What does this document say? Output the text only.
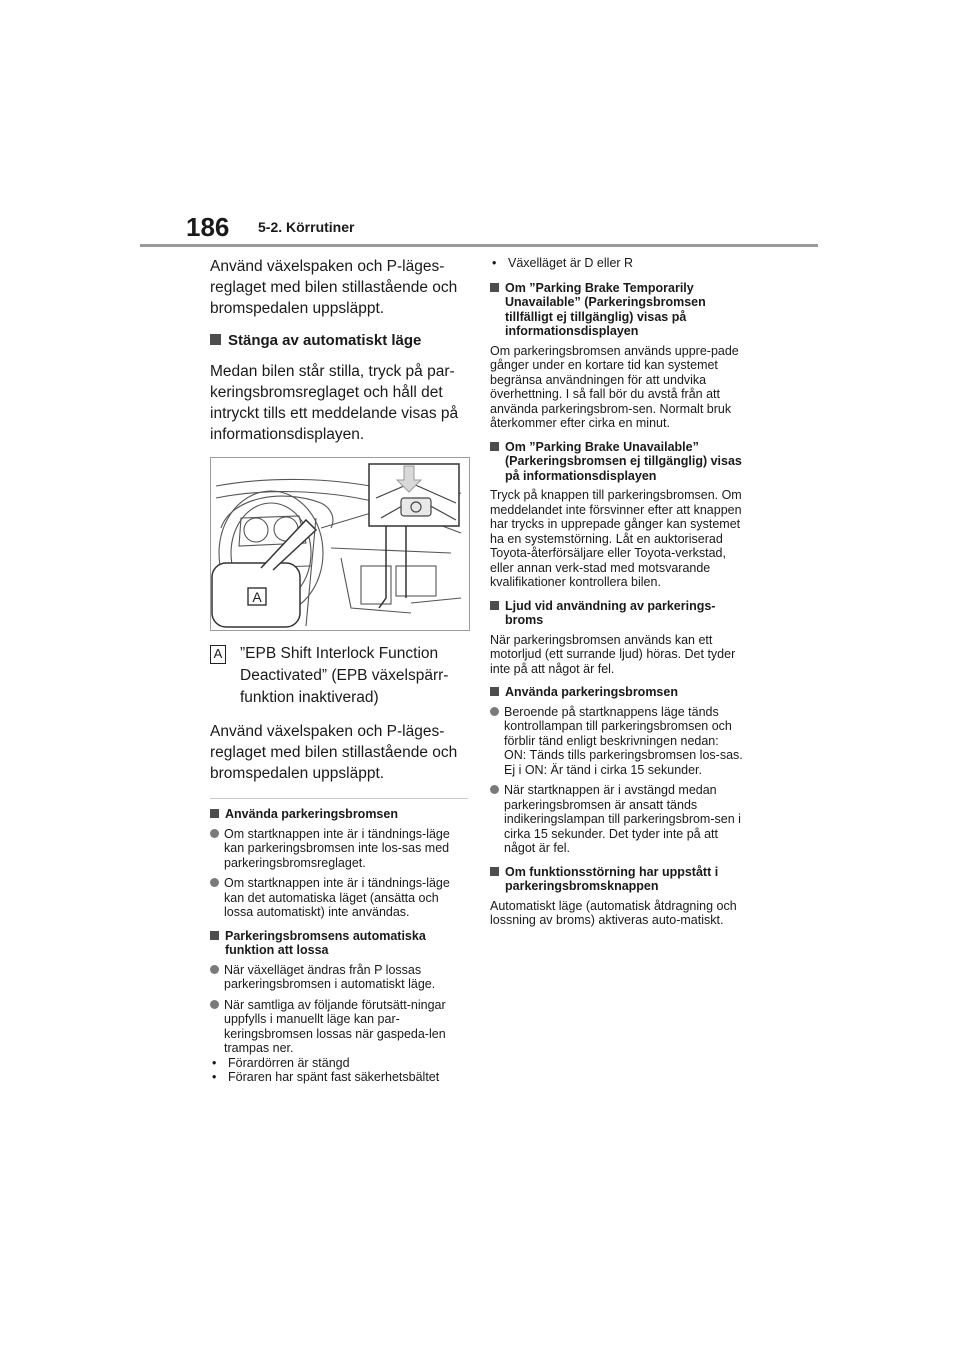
186 5-2. Körrutiner

Använd växelspaken och P-läges-reglaget med bilen stillastående och bromspedalen uppsläppt.

Stänga av automatiskt läge

Medan bilen står stilla, tryck på par-keringsbromsreglaget och håll det intryckt tills ett meddelande visas på informationsdisplayen.

A
A ”EPB Shift Interlock Function Deactivated” (EPB växelspärr-funktion inaktiverad)

Använd växelspaken och P-läges-reglaget med bilen stillastående och bromspedalen uppsläppt.

Använda parkeringsbromsen
Om startknappen inte är i tändnings-läge kan parkeringsbromsen inte los-sas med parkeringsbromsreglaget.
Om startknappen inte är i tändnings-läge kan det automatiska läget (ansätta och lossa automatiskt) inte användas.
Parkeringsbromsens automatiska funktion att lossa
När växelläget ändras från P lossas parkeringsbromsen i automatiskt läge.
När samtliga av följande förutsätt-ningar uppfylls i manuellt läge kan par-keringsbromsen lossas när gaspeda-len trampas ner.
• Förardörren är stängd
• Föraren har spänt fast säkerhetsbältet
• Växelläget är D eller R
Om ”Parking Brake Temporarily Unavailable” (Parkeringsbromsen tillfälligt ej tillgänglig) visas på informationsdisplayen

Om parkeringsbromsen används uppre-pade gånger under en kortare tid kan systemet begränsa användningen för att undvika överhettning. I så fall bör du avstå från att använda parkeringsbrom-sen. Normalt bruk återkommer efter cirka en minut.

Om ”Parking Brake Unavailable” (Parkeringsbromsen ej tillgänglig) visas på informationsdisplayen

Tryck på knappen till parkeringsbromsen. Om meddelandet inte försvinner efter att knappen har trycks in upprepade gånger kan systemet ha en systemstörning. Låt en auktoriserad Toyota-återförsäljare eller Toyota-verkstad, eller annan verk-stad med motsvarande kvalifikationer kontrollera bilen.

Ljud vid användning av parkerings-broms

När parkeringsbromsen används kan ett motorljud (ett surrande ljud) höras. Det tyder inte på att något är fel.

Använda parkeringsbromsen
Beroende på startknappens läge tänds kontrollampan till parkeringsbromsen och förblir tänd enligt beskrivningen nedan:
ON: Tänds tills parkeringsbromsen los-sas.
Ej i ON: Är tänd i cirka 15 sekunder.
När startknappen är i avstängd medan parkeringsbromsen är ansatt tänds indikeringslampan till parkeringsbrom-sen i cirka 15 sekunder. Det tyder inte på att något är fel.
Om funktionsstörning har uppstått i parkeringsbromsknappen

Automatiskt läge (automatisk åtdragning och lossning av broms) aktiveras auto-matiskt.
